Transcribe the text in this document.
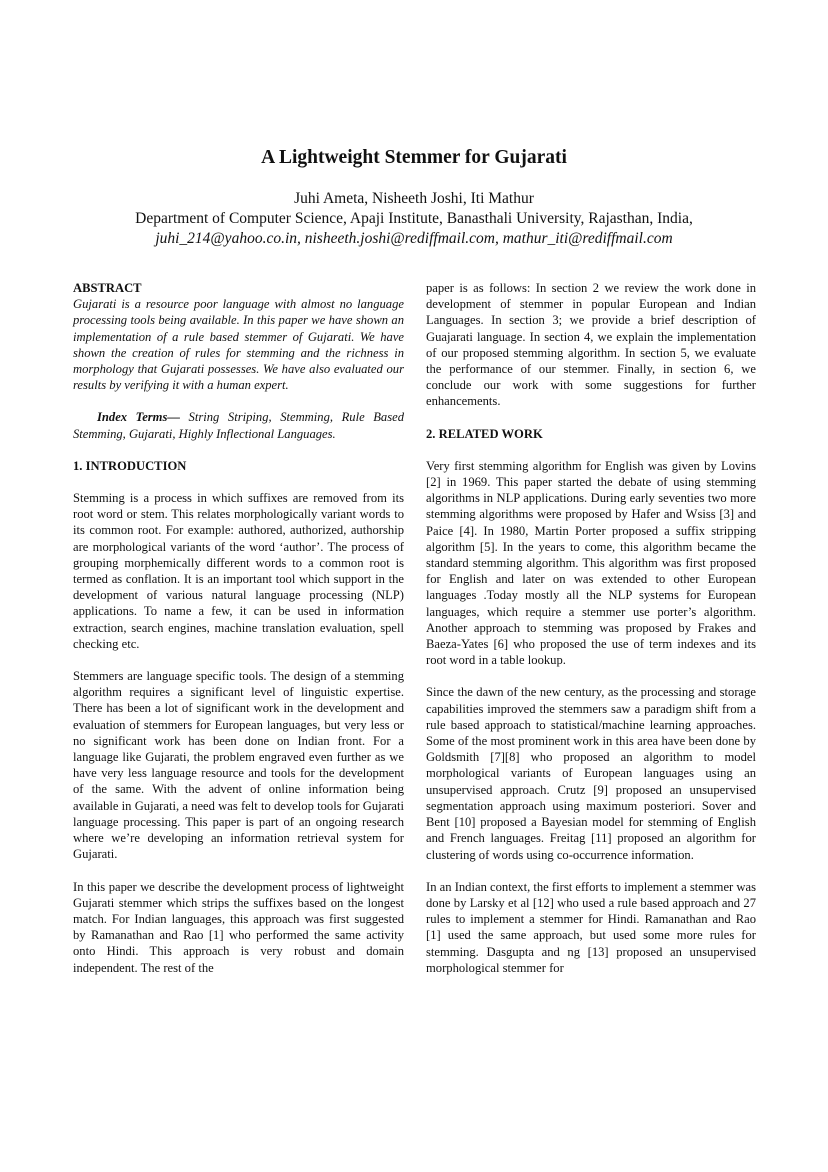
A Lightweight Stemmer for Gujarati
Juhi Ameta, Nisheeth Joshi, Iti Mathur
Department of Computer Science, Apaji Institute, Banasthali University, Rajasthan, India,
juhi_214@yahoo.co.in, nisheeth.joshi@rediffmail.com, mathur_iti@rediffmail.com

ABSTRACT

Gujarati is a resource poor language with almost no language processing tools being available. In this paper we have shown an implementation of a rule based stemmer of Gujarati. We have shown the creation of rules for stemming and the richness in morphology that Gujarati possesses. We have also evaluated our results by verifying it with a human expert.

Index Terms— String Striping, Stemming, Rule Based Stemming, Gujarati, Highly Inflectional Languages.

1. INTRODUCTION

Stemming is a process in which suffixes are removed from its root word or stem. This relates morphologically variant words to its common root. For example: authored, authorized, authorship are morphological variants of the word ‘author’. The process of grouping morphemically different words to a common root is termed as conflation. It is an important tool which support in the development of various natural language processing (NLP) applications. To name a few, it can be used in information extraction, search engines, machine translation evaluation, spell checking etc.

Stemmers are language specific tools. The design of a stemming algorithm requires a significant level of linguistic expertise. There has been a lot of significant work in the development and evaluation of stemmers for European languages, but very less or no significant work has been done on Indian front. For a language like Gujarati, the problem engraved even further as we have very less language resource and tools for the development of the same. With the advent of online information being available in Gujarati, a need was felt to develop tools for Gujarati language processing. This paper is part of an ongoing research where we’re developing an information retrieval system for Gujarati.

In this paper we describe the development process of lightweight Gujarati stemmer which strips the suffixes based on the longest match. For Indian languages, this approach was first suggested by Ramanathan and Rao [1] who performed the same activity onto Hindi. This approach is very robust and domain independent. The rest of the

paper is as follows: In section 2 we review the work done in development of stemmer in popular European and Indian Languages. In section 3; we provide a brief description of Guajarati language. In section 4, we explain the implementation of our proposed stemming algorithm. In section 5, we evaluate the performance of our stemmer. Finally, in section 6, we conclude our work with some suggestions for further enhancements.

2. RELATED WORK

Very first stemming algorithm for English was given by Lovins [2] in 1969. This paper started the debate of using stemming algorithms in NLP applications. During early seventies two more stemming algorithms were proposed by Hafer and Wsiss [3] and Paice [4]. In 1980, Martin Porter proposed a suffix stripping algorithm [5]. In the years to come, this algorithm became the standard stemming algorithm. This algorithm was first proposed for English and later on was extended to other European languages .Today mostly all the NLP systems for European languages, which require a stemmer use porter’s algorithm. Another approach to stemming was proposed by Frakes and Baeza-Yates [6] who proposed the use of term indexes and its root word in a table lookup.

Since the dawn of the new century, as the processing and storage capabilities improved the stemmers saw a paradigm shift from a rule based approach to statistical/machine learning approaches. Some of the most prominent work in this area have been done by Goldsmith [7][8] who proposed an algorithm to model morphological variants of European languages using an unsupervised approach. Crutz [9] proposed an unsupervised segmentation approach using maximum posteriori. Sover and Bent [10] proposed a Bayesian model for stemming of English and French languages. Freitag [11] proposed an algorithm for clustering of words using co-occurrence information.

In an Indian context, the first efforts to implement a stemmer was done by Larsky et al [12] who used a rule based approach and 27 rules to implement a stemmer for Hindi. Ramanathan and Rao [1] used the same approach, but used some more rules for stemming. Dasgupta and ng [13] proposed an unsupervised morphological stemmer for
